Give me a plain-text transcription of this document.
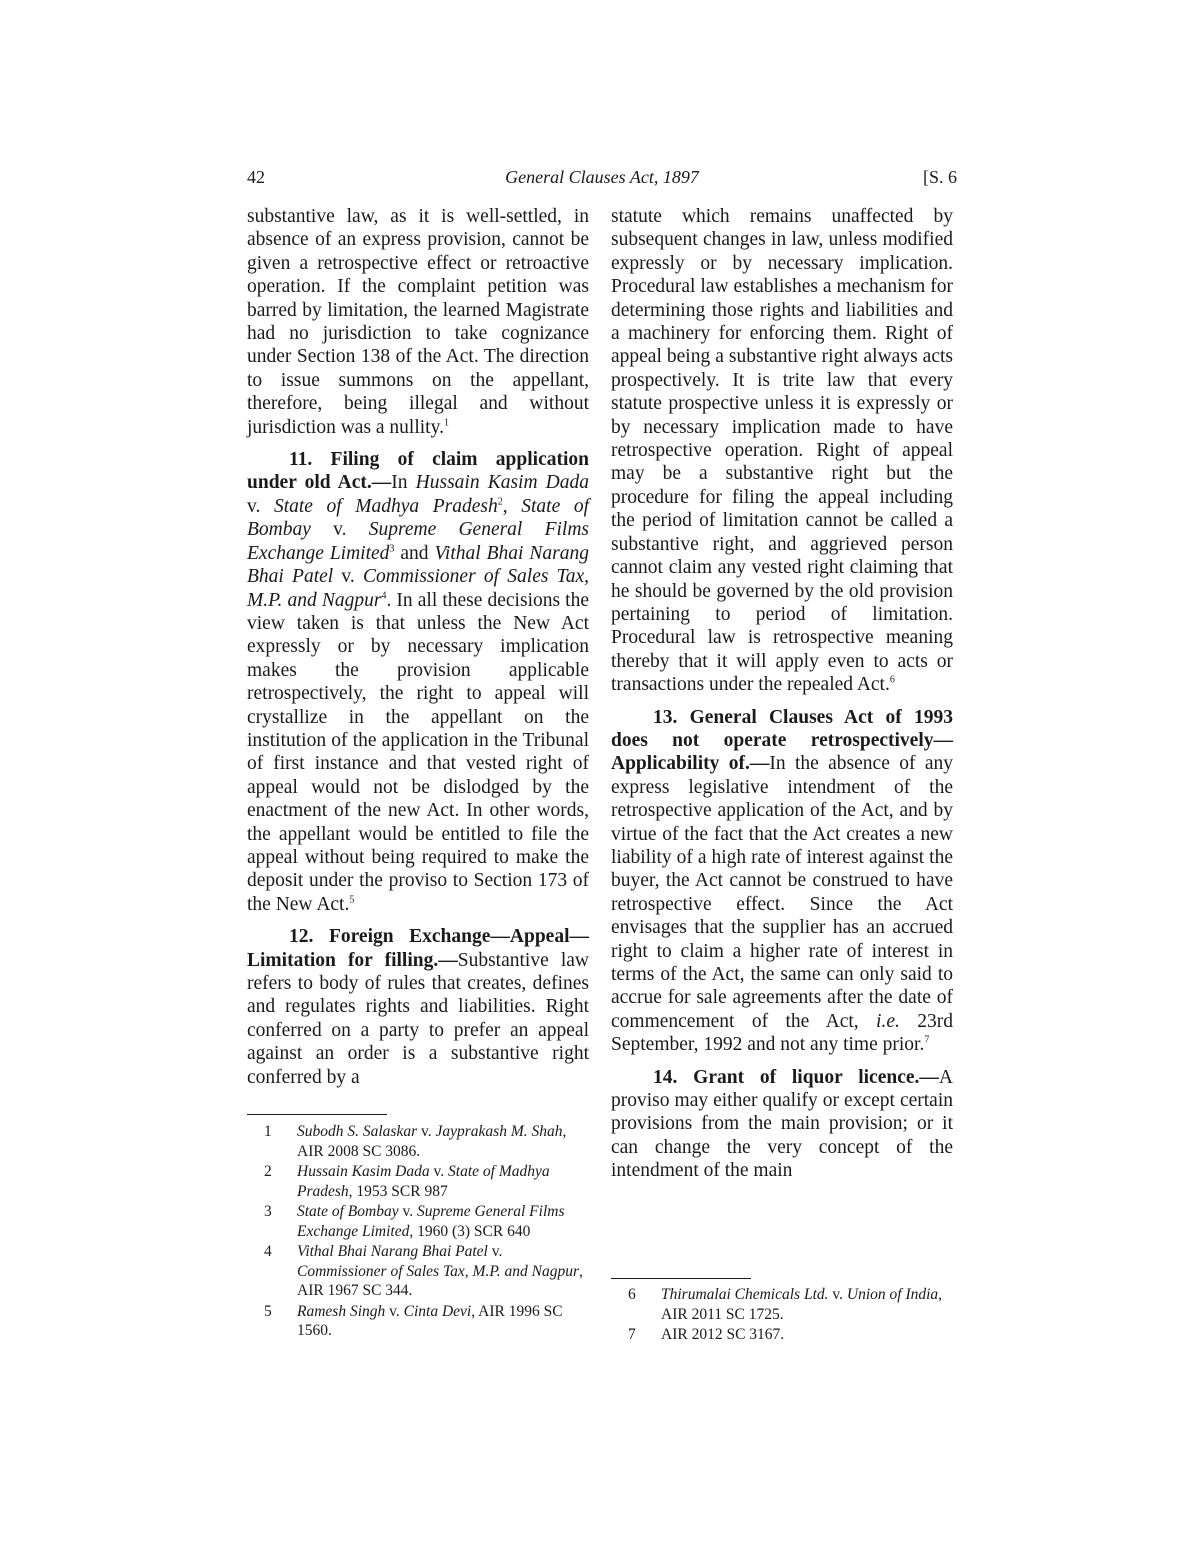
42	General Clauses Act, 1897	[S. 6

substantive law, as it is well-settled, in absence of an express provision, cannot be given a retrospective effect or retroactive operation. If the complaint petition was barred by limitation, the learned Magistrate had no jurisdiction to take cognizance under Section 138 of the Act. The direction to issue summons on the appellant, therefore, being illegal and without jurisdiction was a nullity.$^1$

11. Filing of claim application under old Act.—In Hussain Kasim Dada v. State of Madhya Pradesh$^2$, State of Bombay v. Supreme General Films Exchange Limited$^3$ and Vithal Bhai Narang Bhai Patel v. Commissioner of Sales Tax, M.P. and Nagpur$^4$. In all these decisions the view taken is that unless the New Act expressly or by necessary implication makes the provision applicable retrospectively, the right to appeal will crystallize in the appellant on the institution of the application in the Tribunal of first instance and that vested right of appeal would not be dislodged by the enactment of the new Act. In other words, the appellant would be entitled to file the appeal without being required to make the deposit under the proviso to Section 173 of the New Act.$^5$

12. Foreign Exchange—Appeal—Limitation for filling.—Substantive law refers to body of rules that creates, defines and regulates rights and liabilities. Right conferred on a party to prefer an appeal against an order is a substantive right conferred by a

1 Subodh S. Salaskar v. Jayprakash M. Shah, AIR 2008 SC 3086.
2 Hussain Kasim Dada v. State of Madhya Pradesh, 1953 SCR 987
3 State of Bombay v. Supreme General Films Exchange Limited, 1960 (3) SCR 640
4 Vithal Bhai Narang Bhai Patel v. Commissioner of Sales Tax, M.P. and Nagpur, AIR 1967 SC 344.
5 Ramesh Singh v. Cinta Devi, AIR 1996 SC 1560.

statute which remains unaffected by subsequent changes in law, unless modified expressly or by necessary implication. Procedural law establishes a mechanism for determining those rights and liabilities and a machinery for enforcing them. Right of appeal being a substantive right always acts prospectively. It is trite law that every statute prospective unless it is expressly or by necessary implication made to have retrospective operation. Right of appeal may be a substantive right but the procedure for filing the appeal including the period of limitation cannot be called a substantive right, and aggrieved person cannot claim any vested right claiming that he should be governed by the old provision pertaining to period of limitation. Procedural law is retrospective meaning thereby that it will apply even to acts or transactions under the repealed Act.$^6$

13. General Clauses Act of 1993 does not operate retrospectively—Applicability of.—In the absence of any express legislative intendment of the retrospective application of the Act, and by virtue of the fact that the Act creates a new liability of a high rate of interest against the buyer, the Act cannot be construed to have retrospective effect. Since the Act envisages that the supplier has an accrued right to claim a higher rate of interest in terms of the Act, the same can only said to accrue for sale agreements after the date of commencement of the Act, i.e. 23rd September, 1992 and not any time prior.$^7$

14. Grant of liquor licence.—A proviso may either qualify or except certain provisions from the main provision; or it can change the very concept of the intendment of the main

6 Thirumalai Chemicals Ltd. v. Union of India, AIR 2011 SC 1725.
7 AIR 2012 SC 3167.
